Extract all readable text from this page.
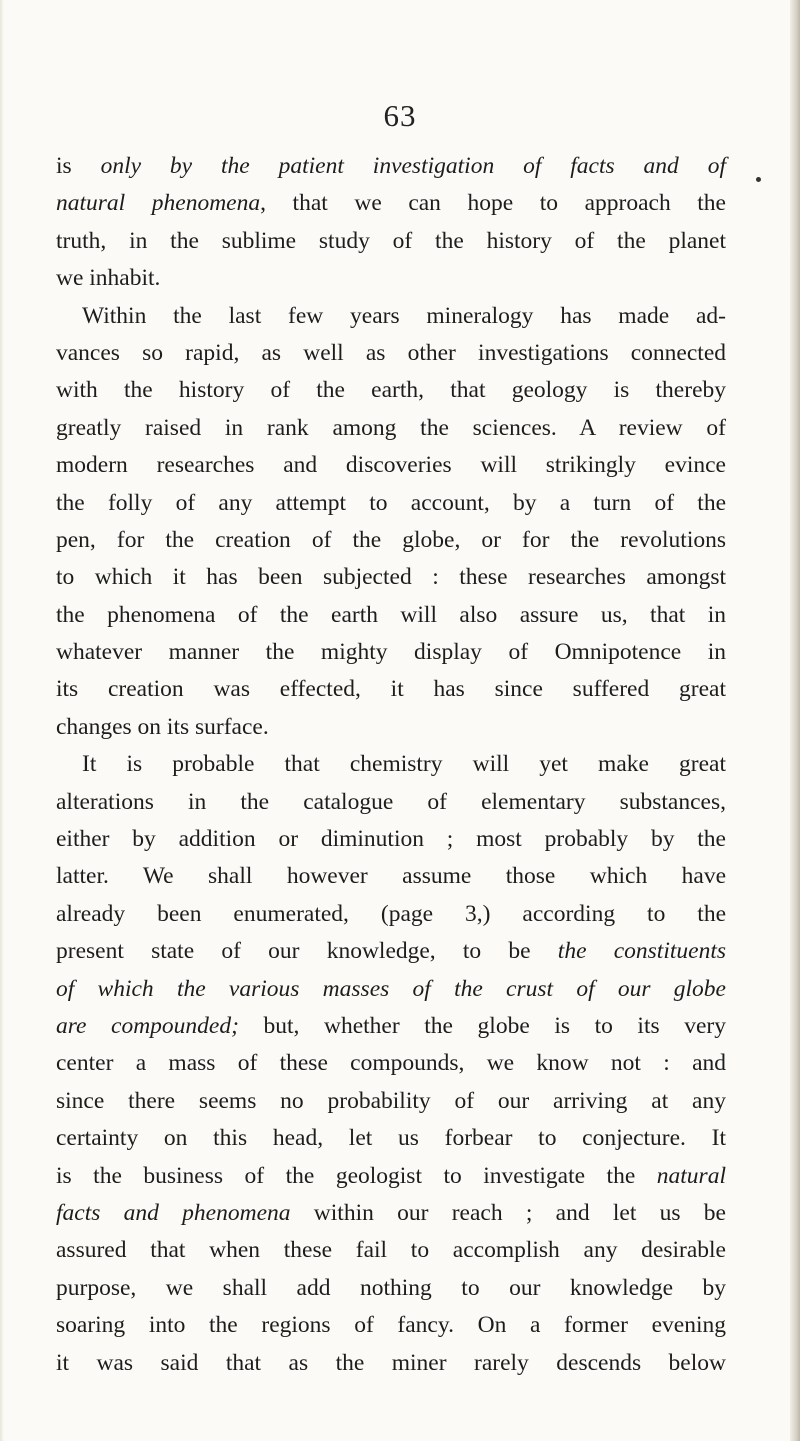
63
is only by the patient investigation of facts and of
natural phenomena, that we can hope to approach the
truth, in the sublime study of the history of the planet
we inhabit.
Within the last few years mineralogy has made ad-
vances so rapid, as well as other investigations connected
with the history of the earth, that geology is thereby
greatly raised in rank among the sciences. A review of
modern researches and discoveries will strikingly evince
the folly of any attempt to account, by a turn of the
pen, for the creation of the globe, or for the revolutions
to which it has been subjected : these researches amongst
the phenomena of the earth will also assure us, that in
whatever manner the mighty display of Omnipotence in
its creation was effected, it has since suffered great
changes on its surface.
It is probable that chemistry will yet make great
alterations in the catalogue of elementary substances,
either by addition or diminution ; most probably by the
latter. We shall however assume those which have
already been enumerated, (page 3,) according to the
present state of our knowledge, to be the constituents
of which the various masses of the crust of our globe
are compounded; but, whether the globe is to its very
center a mass of these compounds, we know not : and
since there seems no probability of our arriving at any
certainty on this head, let us forbear to conjecture. It
is the business of the geologist to investigate the natural
facts and phenomena within our reach ; and let us be
assured that when these fail to accomplish any desirable
purpose, we shall add nothing to our knowledge by
soaring into the regions of fancy. On a former evening
it was said that as the miner rarely descends below
